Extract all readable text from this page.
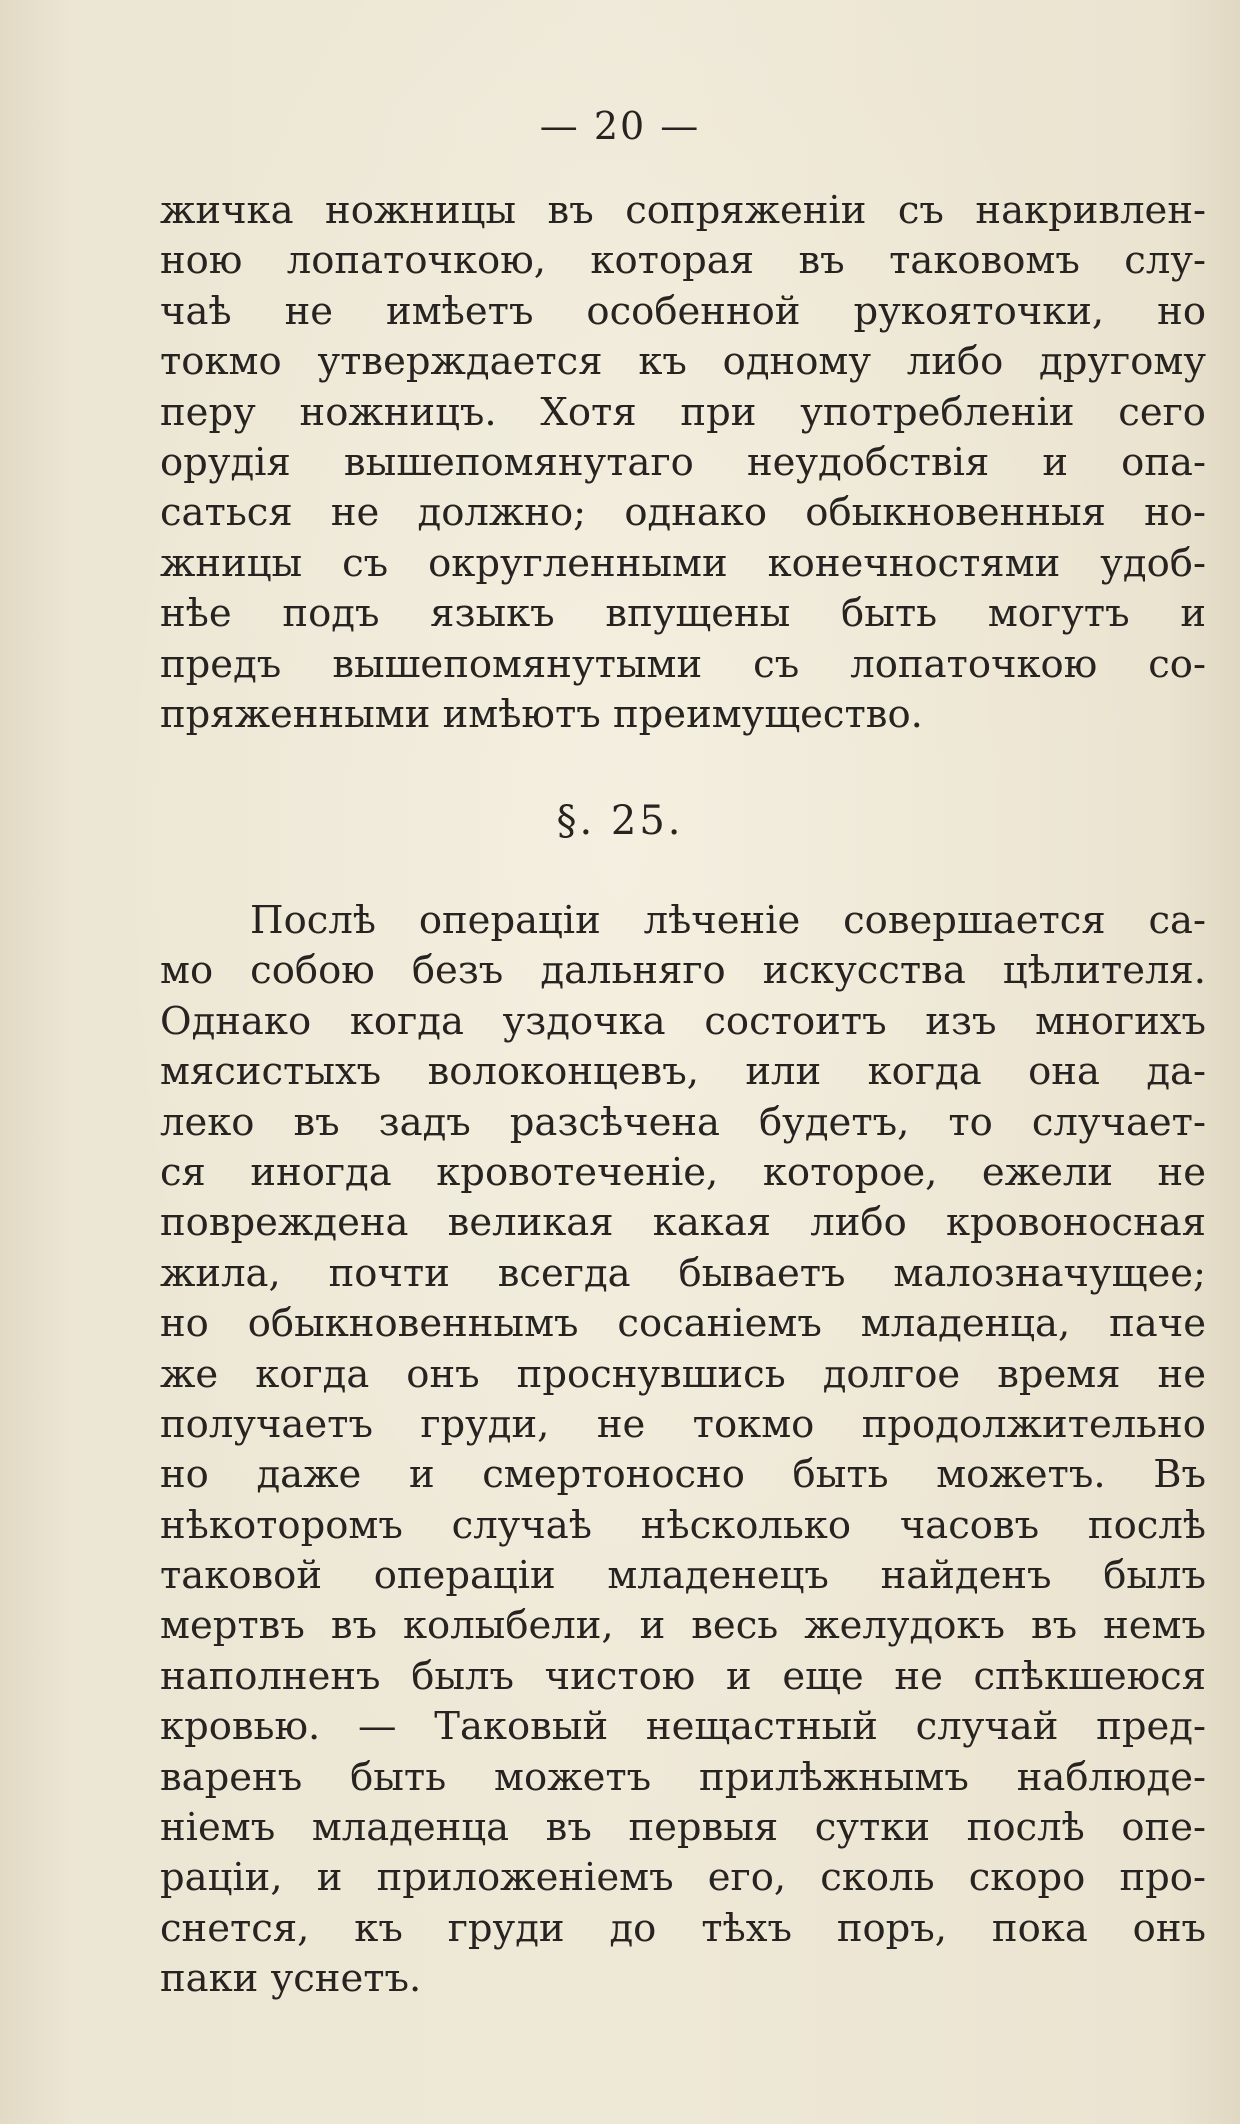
— 20 —
жичка ножницы въ сопряженiи съ накривлен-
ною лопаточкою, которая въ таковомъ слу-
чаѣ не имѣетъ особенной рукояточки, но
токмо утверждается къ одному либо другому
перу ножницъ. Хотя при употребленiи сего
орудiя вышепомянутаго неудобствiя и опа-
саться не должно; однако обыкновенныя но-
жницы съ округленными конечностями удоб-
нѣе подъ языкъ впущены быть могутъ и
предъ вышепомянутыми съ лопаточкою со-
пряженными имѣютъ преимущество.
§. 25.
Послѣ операцiи лѣченiе совершается са-
мо собою безъ дальняго искусства цѣлителя.
Однако когда уздочка состоитъ изъ многихъ
мясистыхъ волоконцевъ, или когда она да-
леко въ задъ разсѣчена будетъ, то случает-
ся иногда кровотеченiе, которое, ежели не
повреждена великая какая либо кровоносная
жила, почти всегда бываетъ малозначущее;
но обыкновеннымъ сосанiемъ младенца, паче
же когда онъ проснувшись долгое время не
получаетъ груди, не токмо продолжительно
но даже и смертоносно быть можетъ. Въ
нѣкоторомъ случаѣ нѣсколько часовъ послѣ
таковой операцiи младенецъ найденъ былъ
мертвъ въ колыбели, и весь желудокъ въ немъ
наполненъ былъ чистою и еще не спѣкшеюся
кровью. — Таковый нещастный случай пред-
варенъ быть можетъ прилѣжнымъ наблюде-
нiемъ младенца въ первыя сутки послѣ опе-
рацiи, и приложенiемъ его, сколь скоро про-
снется, къ груди до тѣхъ поръ, пока онъ
паки уснетъ.
